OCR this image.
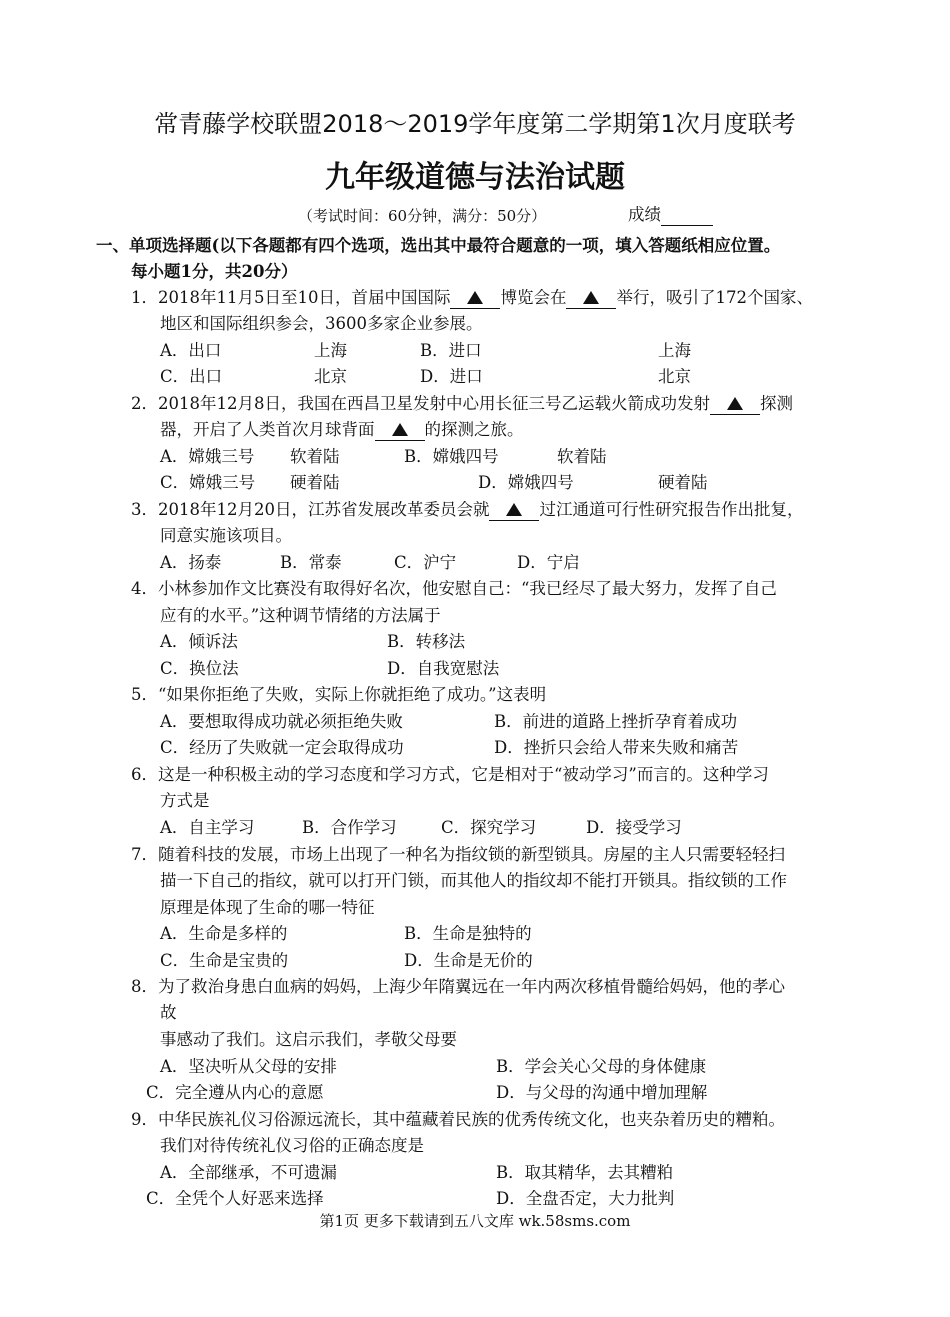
常青藤学校联盟2018～2019学年度第二学期第1次月度联考
九年级道德与法治试题
（考试时间：60分钟，满分：50分）	成绩
一、单项选择题(以下各题都有四个选项，选出其中最符合题意的一项，填入答题纸相应位置。
每小题1分，共20分）
1．2018年11月5日至10日，首届中国国际	博览会在	举行，吸引了172个国家、
地区和国际组织参会，3600多家企业参展。
A．出口	上海	B．进口	上海
C．出口	北京	D．进口	北京
2．2018年12月8日，我国在西昌卫星发射中心用长征三号乙运载火箭成功发射	探测
器，开启了人类首次月球背面	的探测之旅。
A．嫦娥三号 软着陆	B．嫦娥四号	软着陆
C．嫦娥三号 硬着陆	D．嫦娥四号	硬着陆
3．2018年12月20日，江苏省发展改革委员会就	过江通道可行性研究报告作出批复，
同意实施该项目。
A．扬泰	B．常泰	C．沪宁	D．宁启
4．小林参加作文比赛没有取得好名次，他安慰自己：“我已经尽了最大努力，发挥了自己
应有的水平。”这种调节情绪的方法属于
A．倾诉法	B．转移法
C．换位法	D．自我宽慰法
5．“如果你拒绝了失败，实际上你就拒绝了成功。”这表明
A．要想取得成功就必须拒绝失败	B．前进的道路上挫折孕育着成功
C．经历了失败就一定会取得成功	D．挫折只会给人带来失败和痛苦
6．这是一种积极主动的学习态度和学习方式，它是相对于“被动学习”而言的。这种学习
方式是
A．自主学习	B．合作学习	C．探究学习	D．接受学习
7．随着科技的发展，市场上出现了一种名为指纹锁的新型锁具。房屋的主人只需要轻轻扫
描一下自己的指纹，就可以打开门锁，而其他人的指纹却不能打开锁具。指纹锁的工作
原理是体现了生命的哪一特征
A．生命是多样的	B．生命是独特的
C．生命是宝贵的	D．生命是无价的
8．为了救治身患白血病的妈妈，上海少年隋翼远在一年内两次移植骨髓给妈妈，他的孝心
故
事感动了我们。这启示我们，孝敬父母要
A．坚决听从父母的安排	B．学会关心父母的身体健康
C．完全遵从内心的意愿	D．与父母的沟通中增加理解
9．中华民族礼仪习俗源远流长，其中蕴藏着民族的优秀传统文化，也夹杂着历史的糟粕。
我们对待传统礼仪习俗的正确态度是
A．全部继承，不可遗漏	B．取其精华，去其糟粕
C．全凭个人好恶来选择	D．全盘否定，大力批判
第1页 更多下载请到五八文库 wk.58sms.com
